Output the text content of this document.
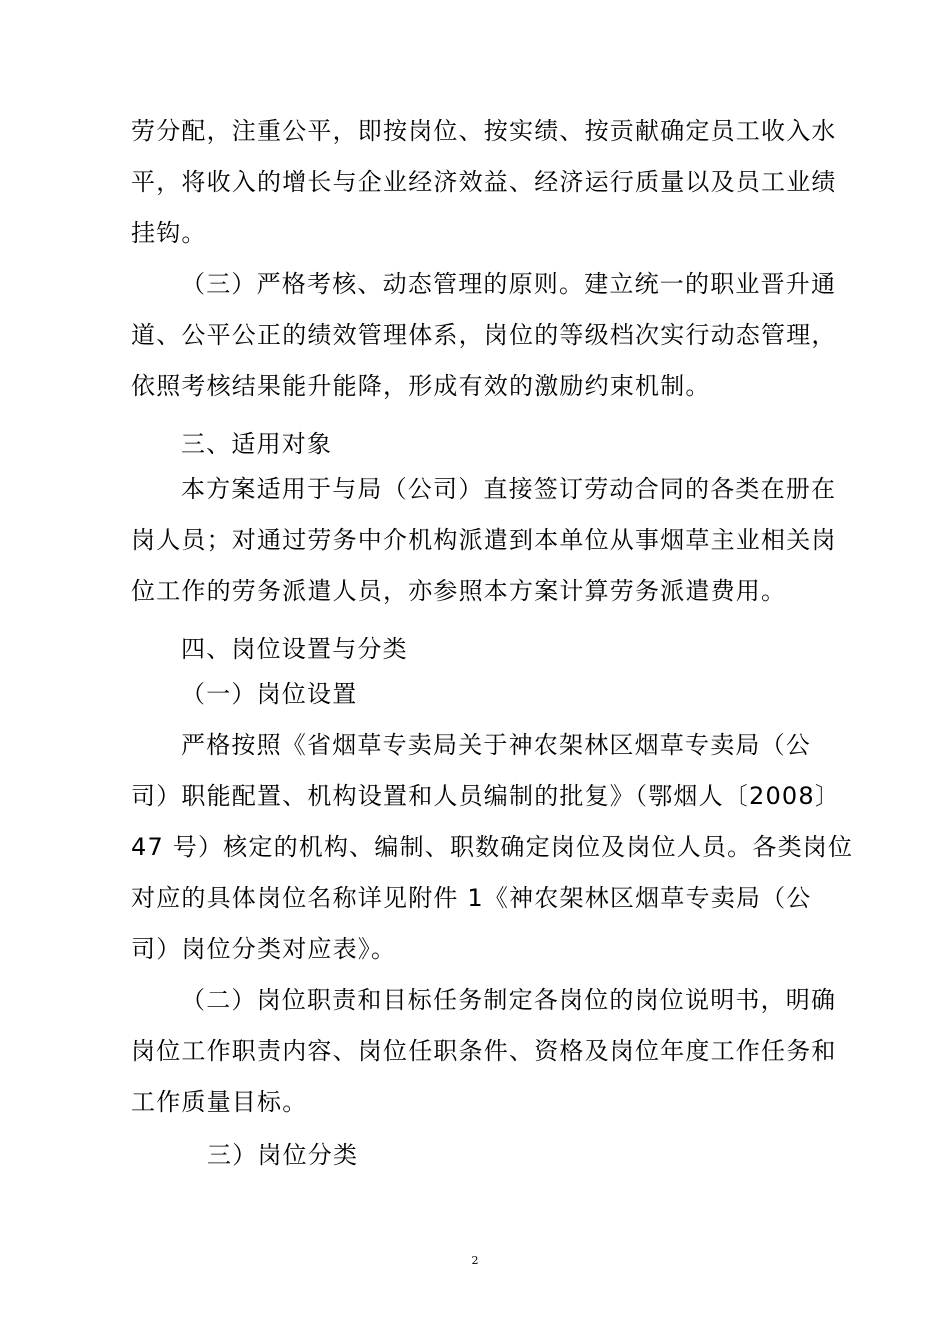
劳分配，注重公平，即按岗位、按实绩、按贡献确定员工收入水
平，将收入的增长与企业经济效益、经济运行质量以及员工业绩
挂钩。
（三）严格考核、动态管理的原则。建立统一的职业晋升通
道、公平公正的绩效管理体系，岗位的等级档次实行动态管理，
依照考核结果能升能降，形成有效的激励约束机制。
三、适用对象
本方案适用于与局（公司）直接签订劳动合同的各类在册在
岗人员；对通过劳务中介机构派遣到本单位从事烟草主业相关岗
位工作的劳务派遣人员，亦参照本方案计算劳务派遣费用。
四、岗位设置与分类
（一）岗位设置
严格按照《省烟草专卖局关于神农架林区烟草专卖局（公
司）职能配置、机构设置和人员编制的批复》（鄂烟人〔2008〕
47 号）核定的机构、编制、职数确定岗位及岗位人员。各类岗位
对应的具体岗位名称详见附件 1《神农架林区烟草专卖局（公
司）岗位分类对应表》。
（二）岗位职责和目标任务制定各岗位的岗位说明书，明确
岗位工作职责内容、岗位任职条件、资格及岗位年度工作任务和
工作质量目标。
三）岗位分类
2
